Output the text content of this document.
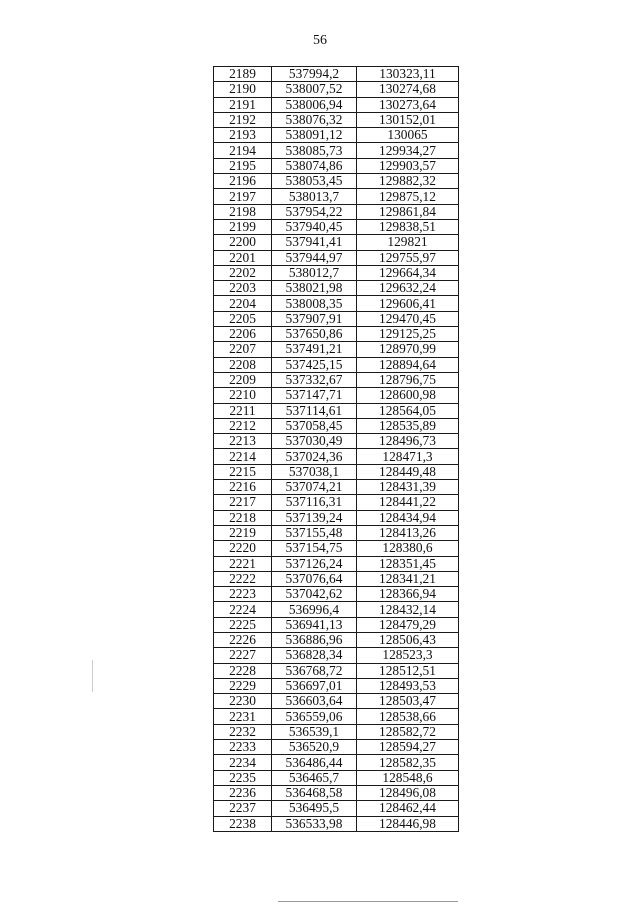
56
2189	537994,2	130323,11
2190	538007,52	130274,68
2191	538006,94	130273,64
2192	538076,32	130152,01
2193	538091,12	130065
2194	538085,73	129934,27
2195	538074,86	129903,57
2196	538053,45	129882,32
2197	538013,7	129875,12
2198	537954,22	129861,84
2199	537940,45	129838,51
2200	537941,41	129821
2201	537944,97	129755,97
2202	538012,7	129664,34
2203	538021,98	129632,24
2204	538008,35	129606,41
2205	537907,91	129470,45
2206	537650,86	129125,25
2207	537491,21	128970,99
2208	537425,15	128894,64
2209	537332,67	128796,75
2210	537147,71	128600,98
2211	537114,61	128564,05
2212	537058,45	128535,89
2213	537030,49	128496,73
2214	537024,36	128471,3
2215	537038,1	128449,48
2216	537074,21	128431,39
2217	537116,31	128441,22
2218	537139,24	128434,94
2219	537155,48	128413,26
2220	537154,75	128380,6
2221	537126,24	128351,45
2222	537076,64	128341,21
2223	537042,62	128366,94
2224	536996,4	128432,14
2225	536941,13	128479,29
2226	536886,96	128506,43
2227	536828,34	128523,3
2228	536768,72	128512,51
2229	536697,01	128493,53
2230	536603,64	128503,47
2231	536559,06	128538,66
2232	536539,1	128582,72
2233	536520,9	128594,27
2234	536486,44	128582,35
2235	536465,7	128548,6
2236	536468,58	128496,08
2237	536495,5	128462,44
2238	536533,98	128446,98
